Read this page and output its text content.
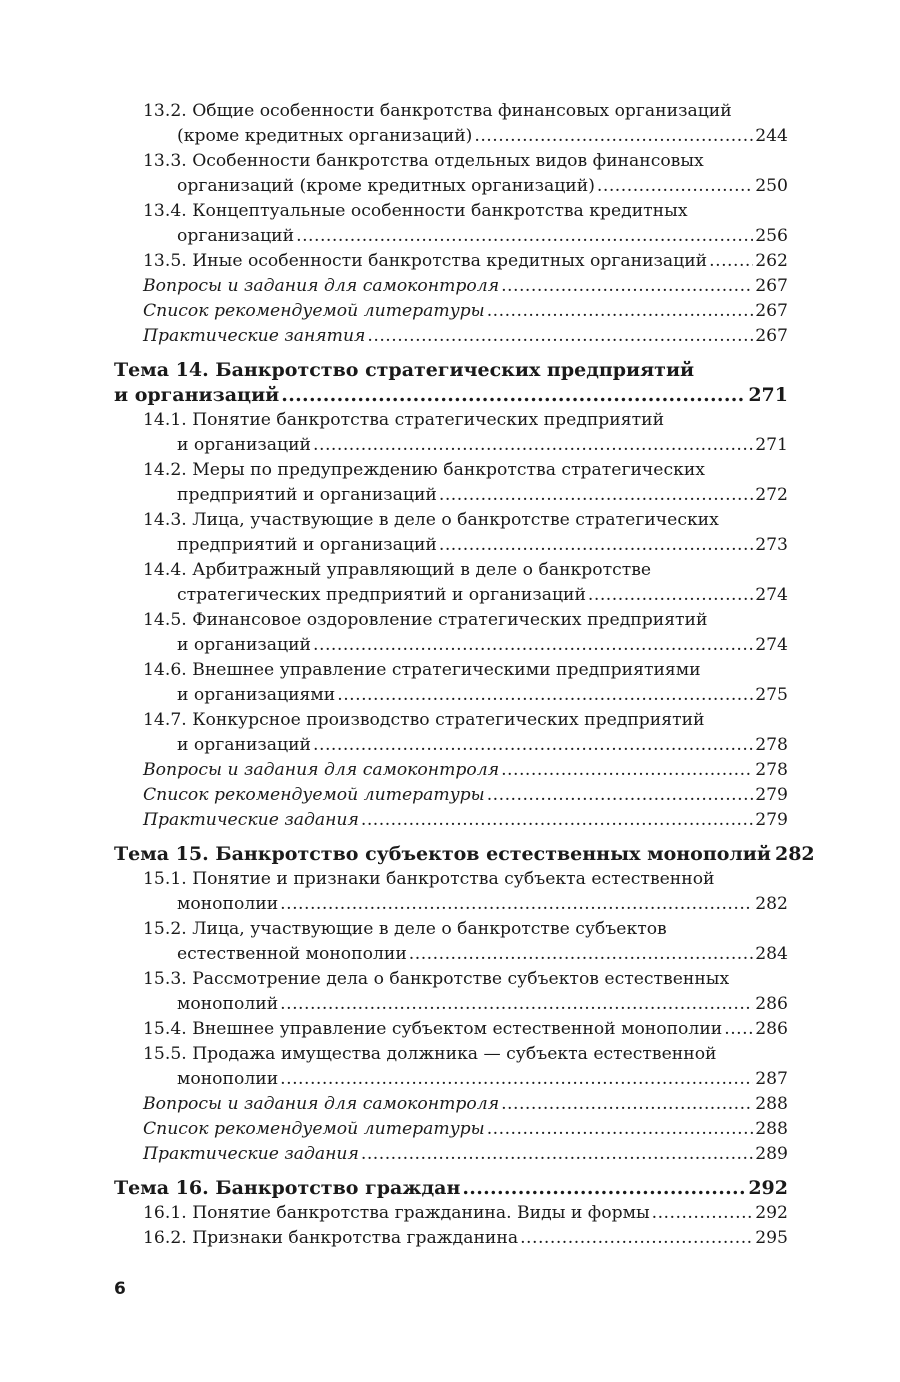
13.2. Общие особенности банкротства финансовых организаций
(кроме кредитных организаций) .....	244
13.3. Особенности банкротства отдельных видов финансовых
организаций (кроме кредитных организаций) .....	250
13.4. Концептуальные особенности банкротства кредитных
организаций .....	256
13.5. Иные особенности банкротства кредитных организаций .....	262
Вопросы и задания для самоконтроля .....	267
Список рекомендуемой литературы .....	267
Практические занятия .....	267
Тема 14. Банкротство стратегических предприятий
и организаций .....	271
14.1. Понятие банкротства стратегических предприятий
и организаций .....	271
14.2. Меры по предупреждению банкротства стратегических
предприятий и организаций .....	272
14.3. Лица, участвующие в деле о банкротстве стратегических
предприятий и организаций .....	273
14.4. Арбитражный управляющий в деле о банкротстве
стратегических предприятий и организаций .....	274
14.5. Финансовое оздоровление стратегических предприятий
и организаций .....	274
14.6. Внешнее управление стратегическими предприятиями
и организациями .....	275
14.7. Конкурсное производство стратегических предприятий
и организаций .....	278
Вопросы и задания для самоконтроля .....	278
Список рекомендуемой литературы .....	279
Практические задания .....	279
Тема 15. Банкротство субъектов естественных монополий 282
15.1. Понятие и признаки банкротства субъекта естественной
монополии .....	282
15.2. Лица, участвующие в деле о банкротстве субъектов
естественной монополии .....	284
15.3. Рассмотрение дела о банкротстве субъектов естественных
монополий .....	286
15.4. Внешнее управление субъектом естественной монополии ..... 286
15.5. Продажа имущества должника — субъекта естественной
монополии .....	287
Вопросы и задания для самоконтроля .....	288
Список рекомендуемой литературы .....	288
Практические задания .....	289
Тема 16. Банкротство граждан .....	292
16.1. Понятие банкротства гражданина. Виды и формы .....	292
16.2. Признаки банкротства гражданина .....	295
6
